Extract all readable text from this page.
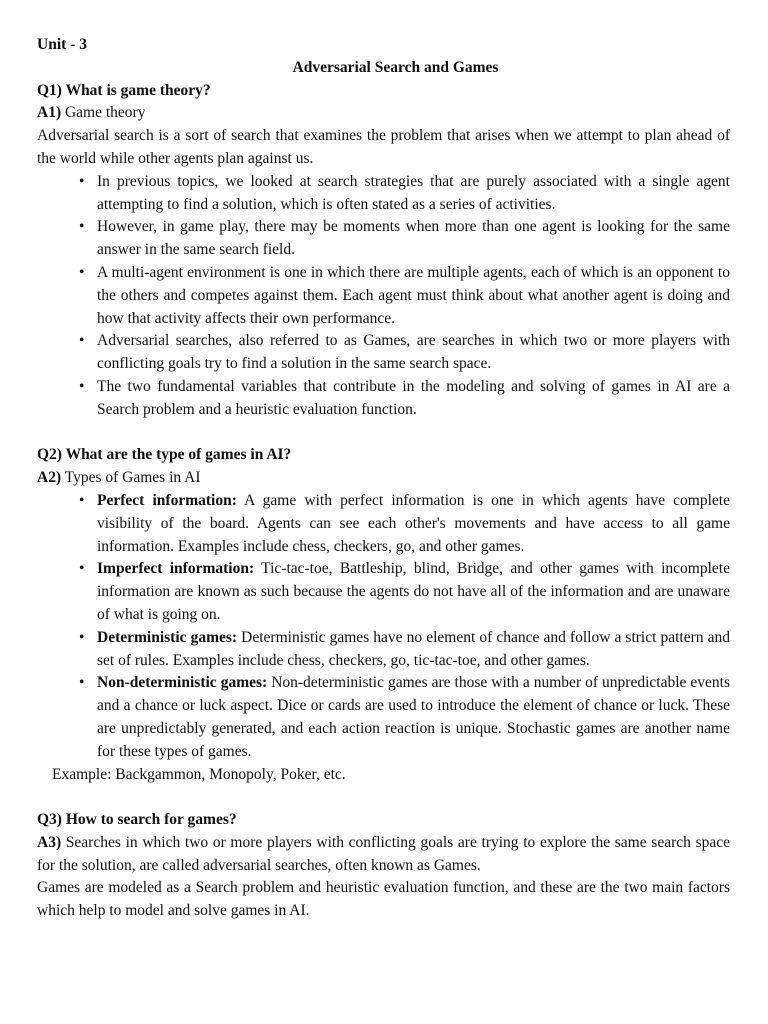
Unit - 3

Adversarial Search and Games

Q1) What is game theory?

A1) Game theory

Adversarial search is a sort of search that examines the problem that arises when we attempt to plan ahead of the world while other agents plan against us.

• In previous topics, we looked at search strategies that are purely associated with a single agent attempting to find a solution, which is often stated as a series of activities.
• However, in game play, there may be moments when more than one agent is looking for the same answer in the same search field.
• A multi-agent environment is one in which there are multiple agents, each of which is an opponent to the others and competes against them. Each agent must think about what another agent is doing and how that activity affects their own performance.
• Adversarial searches, also referred to as Games, are searches in which two or more players with conflicting goals try to find a solution in the same search space.
• The two fundamental variables that contribute in the modeling and solving of games in AI are a Search problem and a heuristic evaluation function.

Q2) What are the type of games in AI?

A2) Types of Games in AI

• Perfect information: A game with perfect information is one in which agents have complete visibility of the board. Agents can see each other's movements and have access to all game information. Examples include chess, checkers, go, and other games.
• Imperfect information: Tic-tac-toe, Battleship, blind, Bridge, and other games with incomplete information are known as such because the agents do not have all of the information and are unaware of what is going on.
• Deterministic games: Deterministic games have no element of chance and follow a strict pattern and set of rules. Examples include chess, checkers, go, tic-tac-toe, and other games.
• Non-deterministic games: Non-deterministic games are those with a number of unpredictable events and a chance or luck aspect. Dice or cards are used to introduce the element of chance or luck. These are unpredictably generated, and each action reaction is unique. Stochastic games are another name for these types of games.

Example: Backgammon, Monopoly, Poker, etc.

Q3) How to search for games?

A3) Searches in which two or more players with conflicting goals are trying to explore the same search space for the solution, are called adversarial searches, often known as Games.

Games are modeled as a Search problem and heuristic evaluation function, and these are the two main factors which help to model and solve games in AI.
